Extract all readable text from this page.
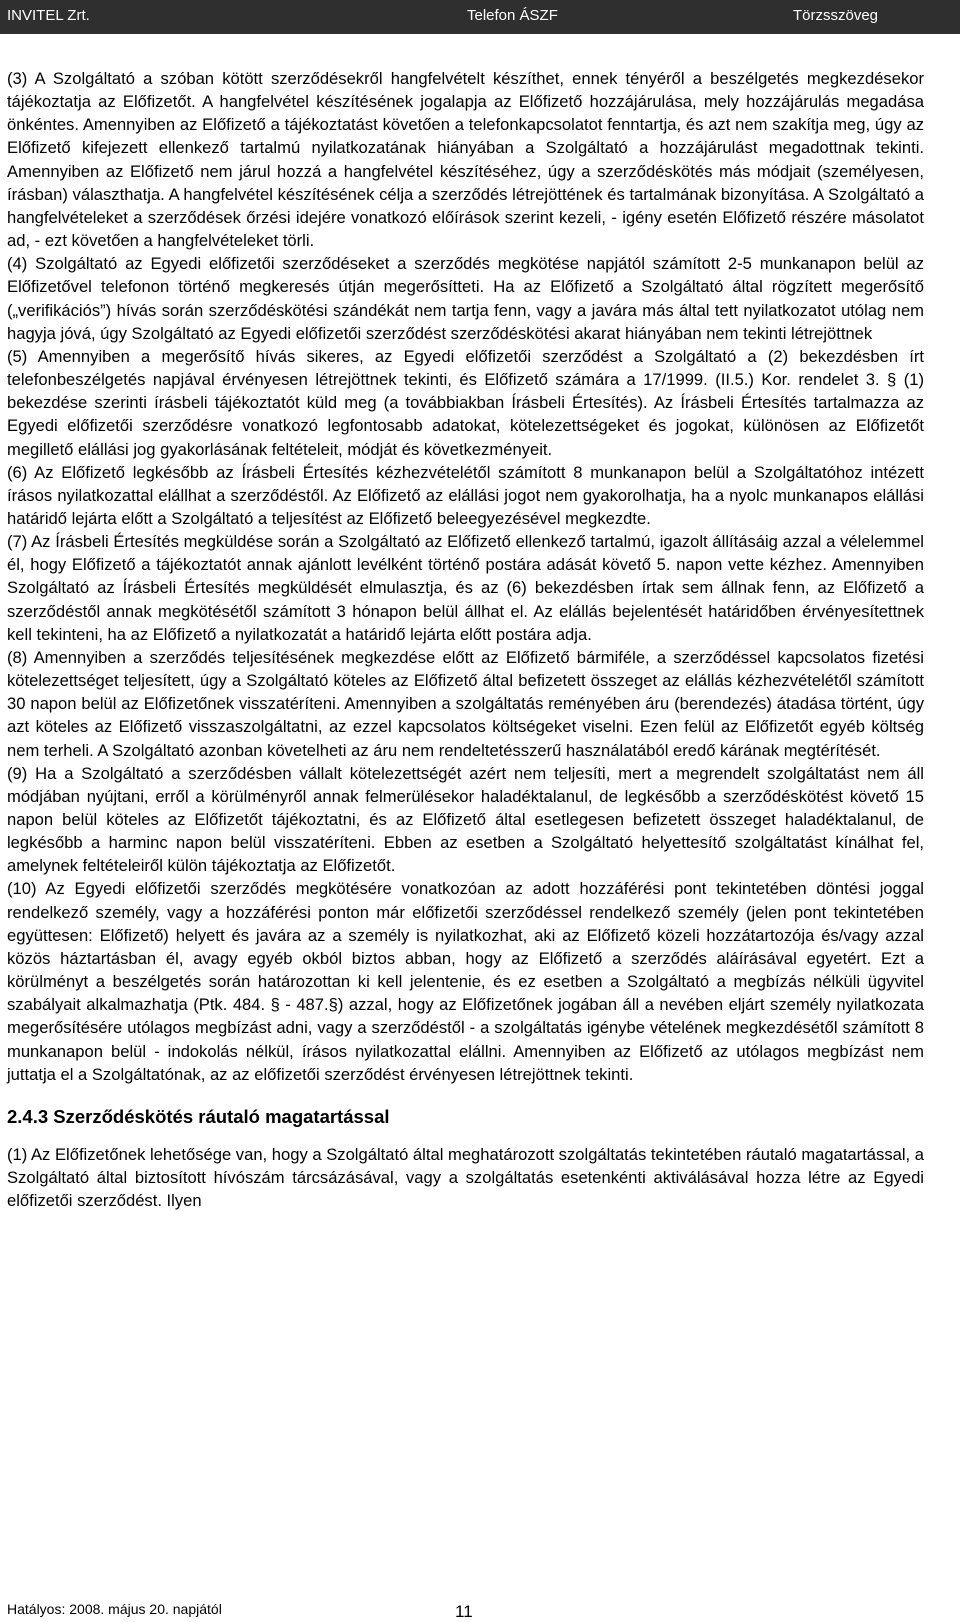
INVITEL Zrt.	Telefon ÁSZF	Törzsszöveg

(3) A Szolgáltató a szóban kötött szerződésekről hangfelvételt készíthet, ennek tényéről a beszélgetés megkezdésekor tájékoztatja az Előfizetőt. A hangfelvétel készítésének jogalapja az Előfizető hozzájárulása, mely hozzájárulás megadása önkéntes. Amennyiben az Előfizető a tájékoztatást követően a telefonkapcsolatot fenntartja, és azt nem szakítja meg, úgy az Előfizető kifejezett ellenkező tartalmú nyilatkozatának hiányában a Szolgáltató a hozzájárulást megadottnak tekinti. Amennyiben az Előfizető nem járul hozzá a hangfelvétel készítéséhez, úgy a szerződéskötés más módjait (személyesen, írásban) választhatja. A hangfelvétel készítésének célja a szerződés létrejöttének és tartalmának bizonyítása. A Szolgáltató a hangfelvételeket a szerződések őrzési idejére vonatkozó előírások szerint kezeli, - igény esetén Előfizető részére másolatot ad, - ezt követően a hangfelvételeket törli.

(4) Szolgáltató az Egyedi előfizetői szerződéseket a szerződés megkötése napjától számított 2-5 munkanapon belül az Előfizetővel telefonon történő megkeresés útján megerősítteti. Ha az Előfizető a Szolgáltató által rögzített megerősítő („verifikációs”) hívás során szerződéskötési szándékát nem tartja fenn, vagy a javára más által tett nyilatkozatot utólag nem hagyja jóvá, úgy Szolgáltató az Egyedi előfizetői szerződést szerződéskötési akarat hiányában nem tekinti létrejöttnek

(5) Amennyiben a megerősítő hívás sikeres, az Egyedi előfizetői szerződést a Szolgáltató a (2) bekezdésben írt telefonbeszélgetés napjával érvényesen létrejöttnek tekinti, és Előfizető számára a 17/1999. (II.5.) Kor. rendelet 3. § (1) bekezdése szerinti írásbeli tájékoztatót küld meg (a továbbiakban Írásbeli Értesítés). Az Írásbeli Értesítés tartalmazza az Egyedi előfizetői szerződésre vonatkozó legfontosabb adatokat, kötelezettségeket és jogokat, különösen az Előfizetőt megillető elállási jog gyakorlásának feltételeit, módját és következményeit.

(6) Az Előfizető legkésőbb az Írásbeli Értesítés kézhezvételétől számított 8 munkanapon belül a Szolgáltatóhoz intézett írásos nyilatkozattal elállhat a szerződéstől. Az Előfizető az elállási jogot nem gyakorolhatja, ha a nyolc munkanapos elállási határidő lejárta előtt a Szolgáltató a teljesítést az Előfizető beleegyezésével megkezdte.

(7) Az Írásbeli Értesítés megküldése során a Szolgáltató az Előfizető ellenkező tartalmú, igazolt állításáig azzal a vélelemmel él, hogy Előfizető a tájékoztatót annak ajánlott levélként történő postára adását követő 5. napon vette kézhez. Amennyiben Szolgáltató az Írásbeli Értesítés megküldését elmulasztja, és az (6) bekezdésben írtak sem állnak fenn, az Előfizető a szerződéstől annak megkötésétől számított 3 hónapon belül állhat el. Az elállás bejelentését határidőben érvényesítettnek kell tekinteni, ha az Előfizető a nyilatkozatát a határidő lejárta előtt postára adja.

(8) Amennyiben a szerződés teljesítésének megkezdése előtt az Előfizető bármiféle, a szerződéssel kapcsolatos fizetési kötelezettséget teljesített, úgy a Szolgáltató köteles az Előfizető által befizetett összeget az elállás kézhezvételétől számított 30 napon belül az Előfizetőnek visszatéríteni. Amennyiben a szolgáltatás reményében áru (berendezés) átadása történt, úgy azt köteles az Előfizető visszaszolgáltatni, az ezzel kapcsolatos költségeket viselni. Ezen felül az Előfizetőt egyéb költség nem terheli. A Szolgáltató azonban követelheti az áru nem rendeltetésszerű használatából eredő kárának megtérítését.

(9) Ha a Szolgáltató a szerződésben vállalt kötelezettségét azért nem teljesíti, mert a megrendelt szolgáltatást nem áll módjában nyújtani, erről a körülményről annak felmerülésekor haladéktalanul, de legkésőbb a szerződéskötést követő 15 napon belül köteles az Előfizetőt tájékoztatni, és az Előfizető által esetlegesen befizetett összeget haladéktalanul, de legkésőbb a harminc napon belül visszatéríteni. Ebben az esetben a Szolgáltató helyettesítő szolgáltatást kínálhat fel, amelynek feltételeiről külön tájékoztatja az Előfizetőt.

(10) Az Egyedi előfizetői szerződés megkötésére vonatkozóan az adott hozzáférési pont tekintetében döntési joggal rendelkező személy, vagy a hozzáférési ponton már előfizetői szerződéssel rendelkező személy (jelen pont tekintetében együttesen: Előfizető) helyett és javára az a személy is nyilatkozhat, aki az Előfizető közeli hozzátartozója és/vagy azzal közös háztartásban él, avagy egyéb okból biztos abban, hogy az Előfizető a szerződés aláírásával egyetért. Ezt a körülményt a beszélgetés során határozottan ki kell jelentenie, és ez esetben a Szolgáltató a megbízás nélküli ügyvitel szabályait alkalmazhatja (Ptk. 484. § - 487.§) azzal, hogy az Előfizetőnek jogában áll a nevében eljárt személy nyilatkozata megerősítésére utólagos megbízást adni, vagy a szerződéstől - a szolgáltatás igénybe vételének megkezdésétől számított 8 munkanapon belül - indokolás nélkül, írásos nyilatkozattal elállni. Amennyiben az Előfizető az utólagos megbízást nem juttatja el a Szolgáltatónak, az az előfizetői szerződést érvényesen létrejöttnek tekinti.

2.4.3 Szerződéskötés ráutaló magatartással

(1) Az Előfizetőnek lehetősége van, hogy a Szolgáltató által meghatározott szolgáltatás tekintetében ráutaló magatartással, a Szolgáltató által biztosított hívószám tárcsázásával, vagy a szolgáltatás esetenkénti aktiválásával hozza létre az Egyedi előfizetői szerződést. Ilyen

Hatályos: 2008. május 20. napjától	11
